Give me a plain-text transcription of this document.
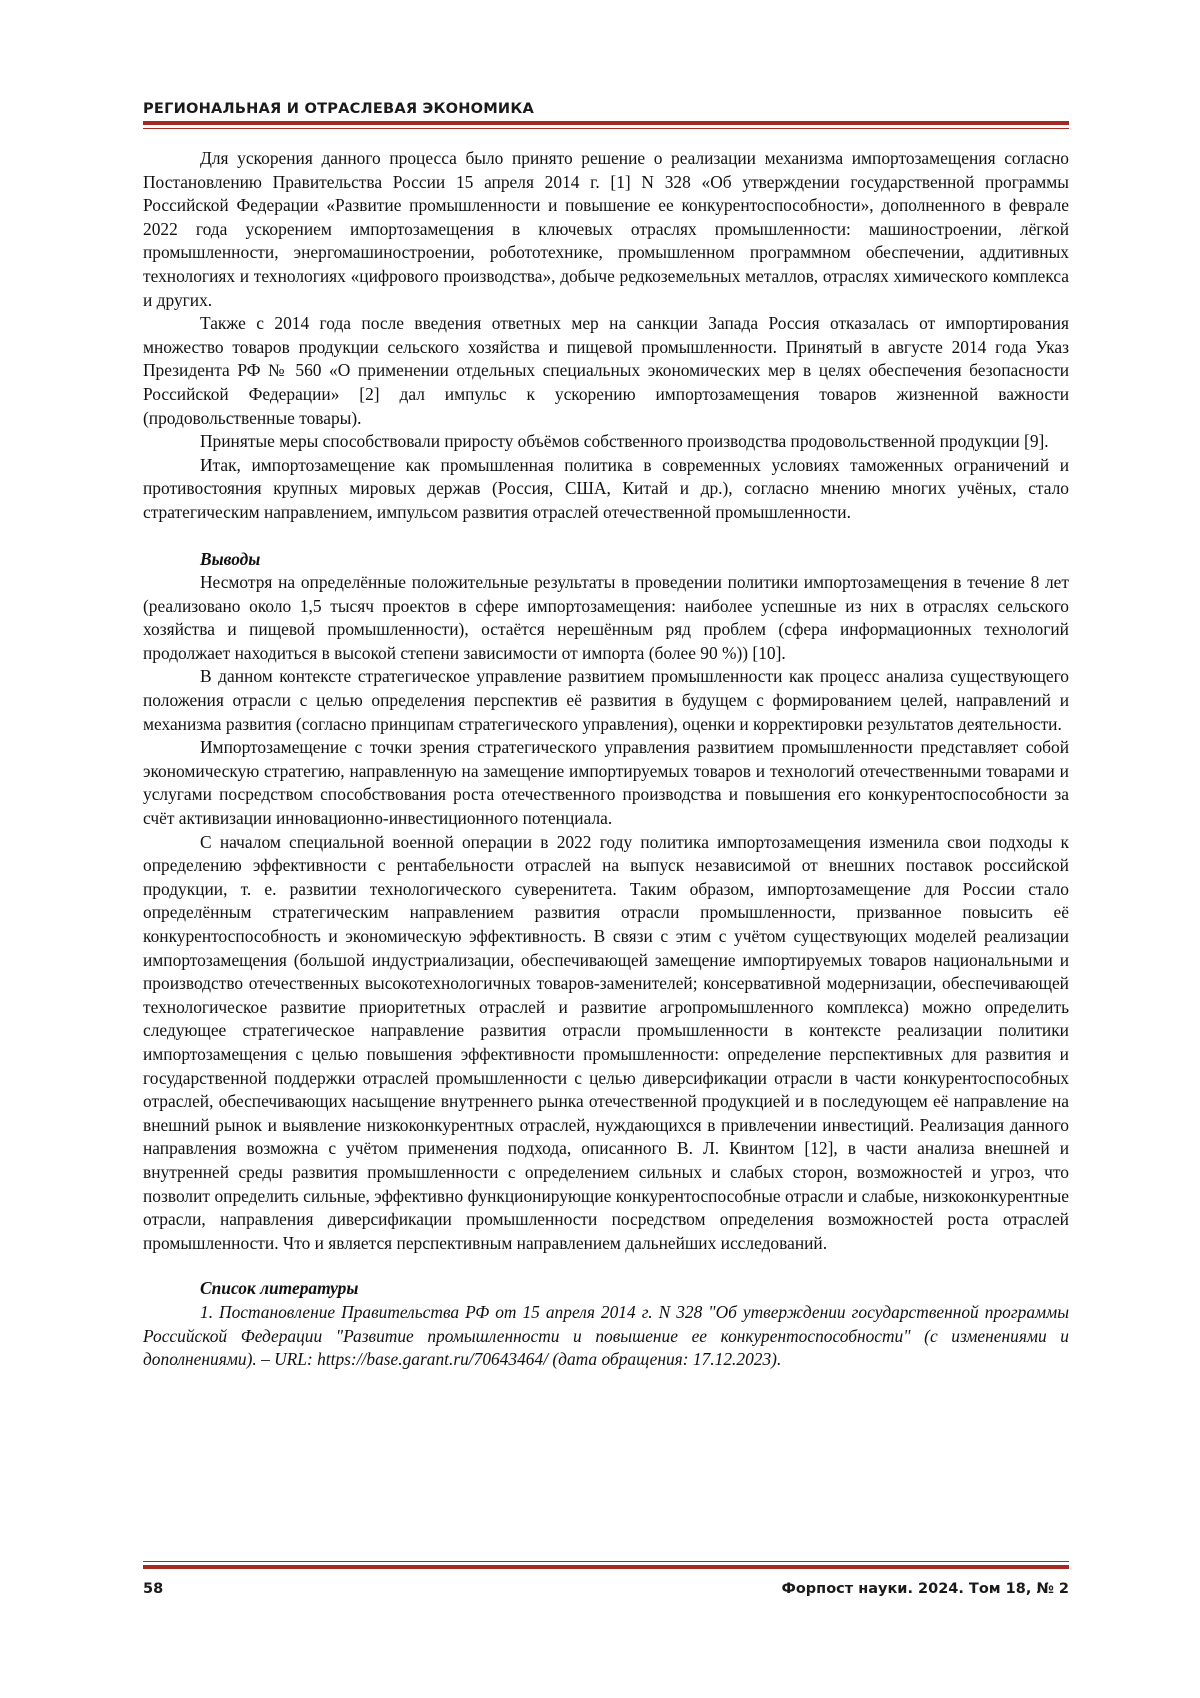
РЕГИОНАЛЬНАЯ И ОТРАСЛЕВАЯ ЭКОНОМИКА

Для ускорения данного процесса было принято решение о реализации механизма импортозамещения согласно Постановлению Правительства России 15 апреля 2014 г. [1] N 328 «Об утверждении государственной программы Российской Федерации «Развитие промышленности и повышение ее конкурентоспособности», дополненного в феврале 2022 года ускорением импортозамещения в ключевых отраслях промышленности: машиностроении, лёгкой промышленности, энергомашиностроении, робототехнике, промышленном программном обеспечении, аддитивных технологиях и технологиях «цифрового производства», добыче редкоземельных металлов, отраслях химического комплекса и других.

Также с 2014 года после введения ответных мер на санкции Запада Россия отказалась от импортирования множество товаров продукции сельского хозяйства и пищевой промышленности. Принятый в августе 2014 года Указ Президента РФ № 560 «О применении отдельных специальных экономических мер в целях обеспечения безопасности Российской Федерации» [2] дал импульс к ускорению импортозамещения товаров жизненной важности (продовольственные товары).

Принятые меры способствовали приросту объёмов собственного производства продовольственной продукции [9].

Итак, импортозамещение как промышленная политика в современных условиях таможенных ограничений и противостояния крупных мировых держав (Россия, США, Китай и др.), согласно мнению многих учёных, стало стратегическим направлением, импульсом развития отраслей отечественной промышленности.

Выводы

Несмотря на определённые положительные результаты в проведении политики импортозамещения в течение 8 лет (реализовано около 1,5 тысяч проектов в сфере импортозамещения: наиболее успешные из них в отраслях сельского хозяйства и пищевой промышленности), остаётся нерешённым ряд проблем (сфера информационных технологий продолжает находиться в высокой степени зависимости от импорта (более 90 %)) [10].

В данном контексте стратегическое управление развитием промышленности как процесс анализа существующего положения отрасли с целью определения перспектив её развития в будущем с формированием целей, направлений и механизма развития (согласно принципам стратегического управления), оценки и корректировки результатов деятельности.

Импортозамещение с точки зрения стратегического управления развитием промышленности представляет собой экономическую стратегию, направленную на замещение импортируемых товаров и технологий отечественными товарами и услугами посредством способствования роста отечественного производства и повышения его конкурентоспособности за счёт активизации инновационно-инвестиционного потенциала.

С началом специальной военной операции в 2022 году политика импортозамещения изменила свои подходы к определению эффективности с рентабельности отраслей на выпуск независимой от внешних поставок российской продукции, т. е. развитии технологического суверенитета. Таким образом, импортозамещение для России стало определённым стратегическим направлением развития отрасли промышленности, призванное повысить её конкурентоспособность и экономическую эффективность. В связи с этим с учётом существующих моделей реализации импортозамещения (большой индустриализации, обеспечивающей замещение импортируемых товаров национальными и производство отечественных высокотехнологичных товаров-заменителей; консервативной модернизации, обеспечивающей технологическое развитие приоритетных отраслей и развитие агропромышленного комплекса) можно определить следующее стратегическое направление развития отрасли промышленности в контексте реализации политики импортозамещения с целью повышения эффективности промышленности: определение перспективных для развития и государственной поддержки отраслей промышленности с целью диверсификации отрасли в части конкурентоспособных отраслей, обеспечивающих насыщение внутреннего рынка отечественной продукцией и в последующем её направление на внешний рынок и выявление низкоконкурентных отраслей, нуждающихся в привлечении инвестиций. Реализация данного направления возможна с учётом применения подхода, описанного В. Л. Квинтом [12], в части анализа внешней и внутренней среды развития промышленности с определением сильных и слабых сторон, возможностей и угроз, что позволит определить сильные, эффективно функционирующие конкурентоспособные отрасли и слабые, низкоконкурентные отрасли, направления диверсификации промышленности посредством определения возможностей роста отраслей промышленности. Что и является перспективным направлением дальнейших исследований.

Список литературы

1. Постановление Правительства РФ от 15 апреля 2014 г. N 328 "Об утверждении государственной программы Российской Федерации "Развитие промышленности и повышение ее конкурентоспособности" (с изменениями и дополнениями). – URL: https://base.garant.ru/70643464/ (дата обращения: 17.12.2023).

58	Форпост науки. 2024. Том 18, № 2
